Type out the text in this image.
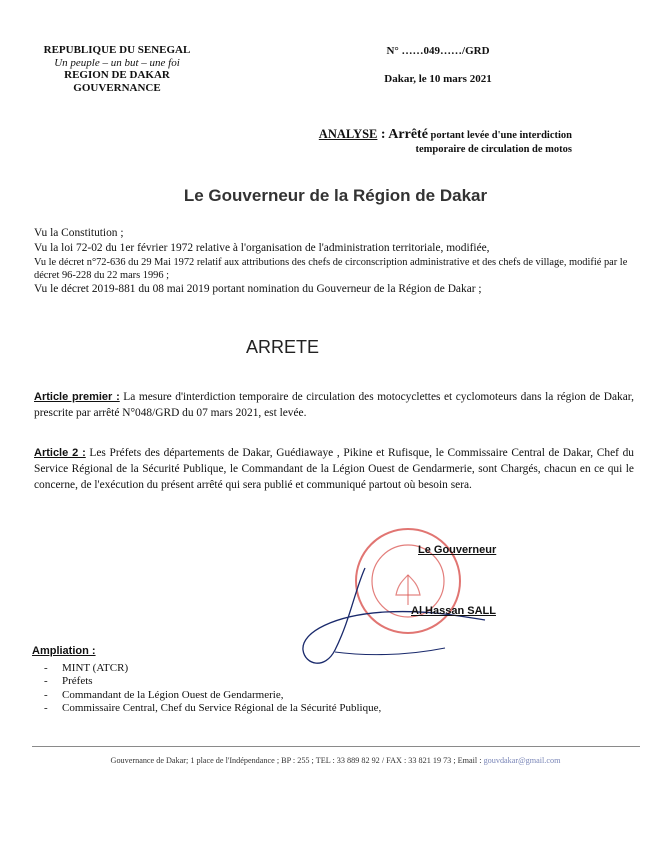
REPUBLIQUE DU SENEGAL
Un peuple – un but – une foi
REGION DE DAKAR
GOUVERNANCE
N° ……049……/GRD
Dakar, le 10 mars 2021
ANALYSE : Arrêté portant levée d'une interdiction
temporaire de circulation de motos
Le Gouverneur de la Région de Dakar

Vu la Constitution ;

Vu la loi 72-02 du 1er février 1972 relative à l'organisation de l'administration territoriale, modifiée,

Vu le décret n°72-636 du 29 Mai 1972 relatif aux attributions des chefs de circonscription administrative et des chefs de village, modifié par le décret 96-228 du 22 mars 1996 ;

Vu le décret 2019-881 du 08 mai 2019 portant nomination du Gouverneur de la Région de Dakar ;

ARRETE
Article premier : La mesure d'interdiction temporaire de circulation des motocyclettes et cyclomoteurs dans la région de Dakar, prescrite par arrêté N°048/GRD du 07 mars 2021, est levée.
Article 2 : Les Préfets des départements de Dakar, Guédiawaye , Pikine et Rufisque, le Commissaire Central de Dakar, Chef du Service Régional de la Sécurité Publique, le Commandant de la Légion Ouest de Gendarmerie, sont Chargés, chacun en ce qui le concerne, de l'exécution du présent arrêté qui sera publié et communiqué partout où besoin sera.
Le Gouverneur
Al Hassan SALL
Ampliation :
- MINT (ATCR)
- Préfets
- Commandant de la Légion Ouest de Gendarmerie,
- Commissaire Central, Chef du Service Régional de la Sécurité Publique,
Gouvernance de Dakar; 1 place de l'Indépendance ; BP : 255 ; TEL : 33 889 82 92 / FAX : 33 821 19 73 ; Email : gouvdakar@gmail.com
